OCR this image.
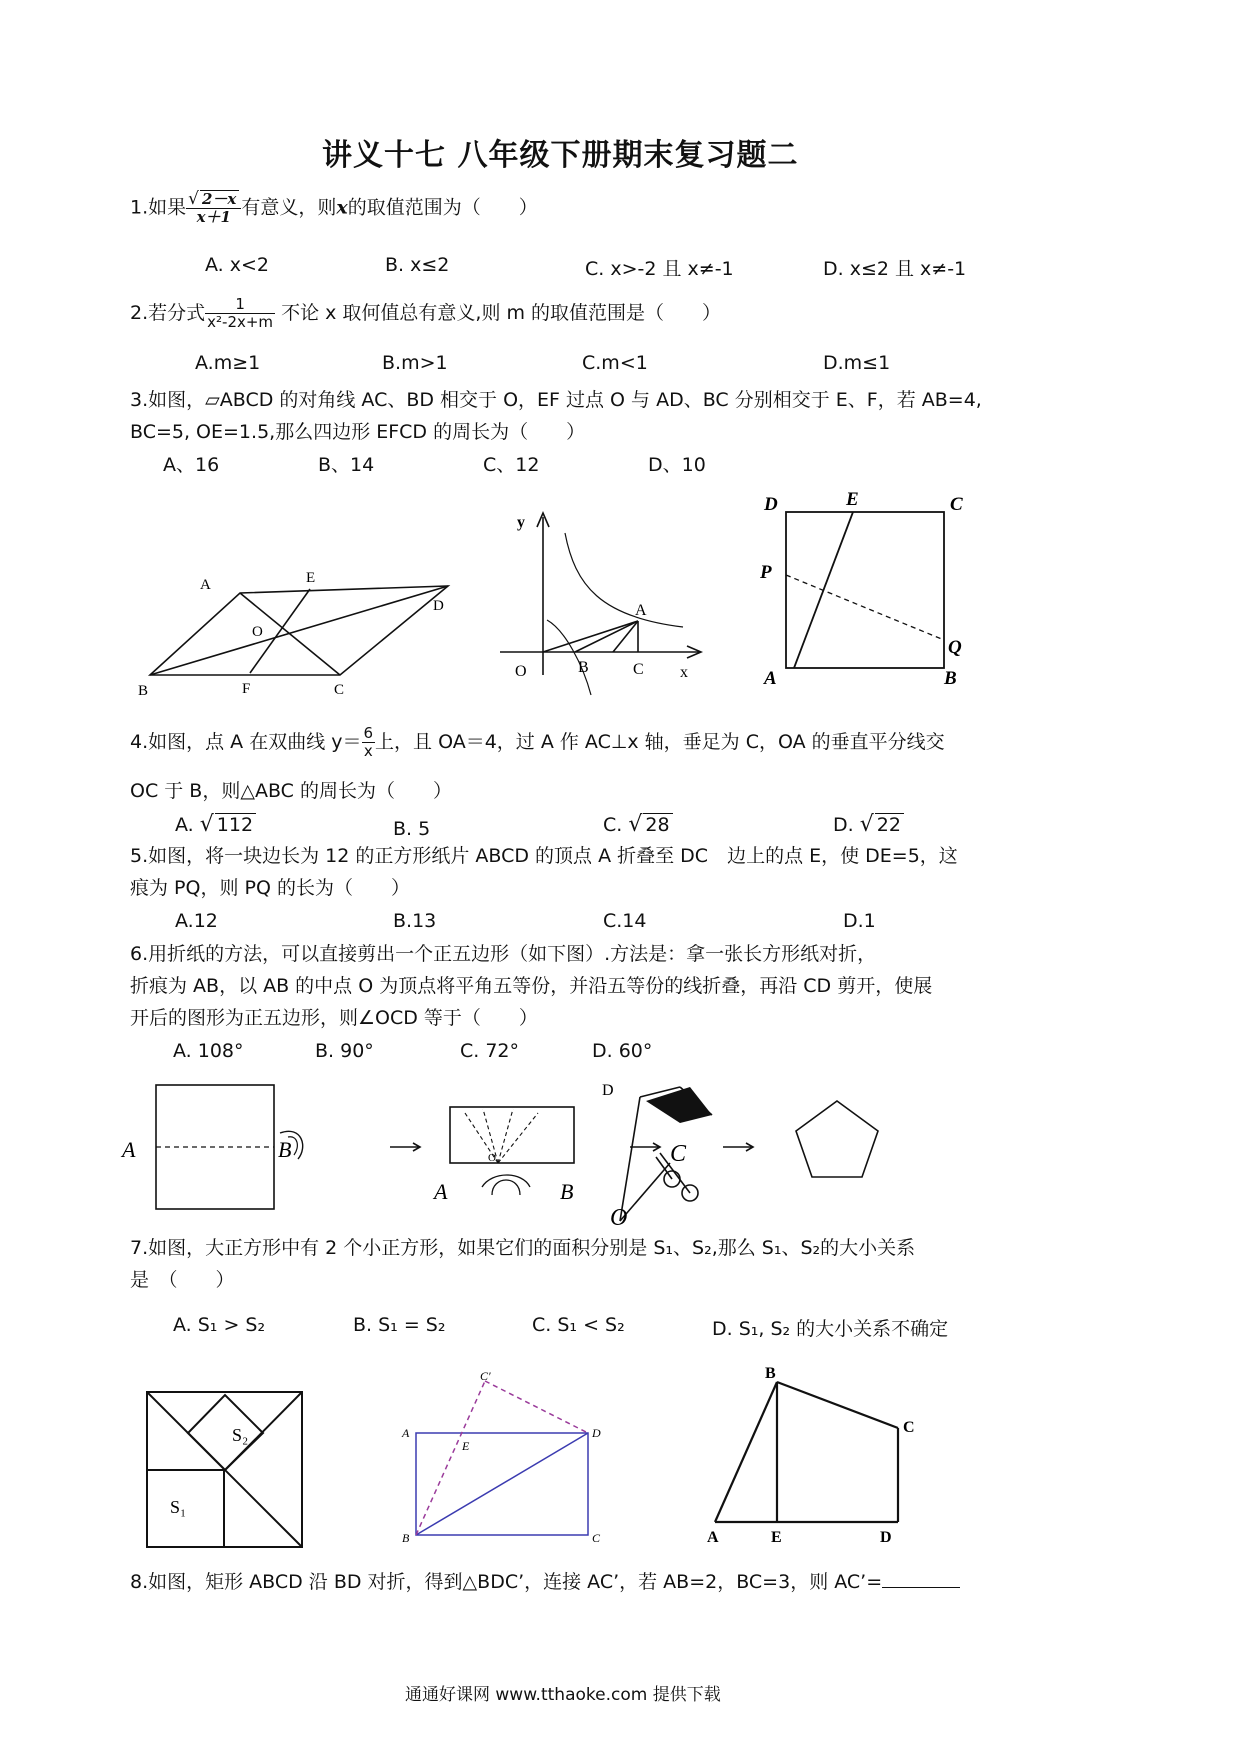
讲义十七 八年级下册期末复习题二
1.如果 $\frac{√ 2-x}{x+1}$ 有意义，则x的取值范围为（　　）
A. x<2	B. x≤2	C. x>-2 且 x≠-1	D. x≤2 且 x≠-1
2.若分式 $\frac{1}{\text{x²-2x+m}}$ 不论 x 取何值总有意义,则 m 的取值范围是（　　）
A.m≥1	B.m>1	C.m<1	D.m≤1
3.如图，▱ABCD 的对角线 AC、BD 相交于 O，EF 过点 O 与 AD、BC 分别相交于 E、F，若 AB=4,
BC=5, OE=1.5,那么四边形 EFCD 的周长为（　　）
A、16	B、14	C、12	D、10
A
B	C
D
E
F
O
y
x
O
A
B	C
D	E	C
P
Q
A	B
4.如图，点 A 在双曲线 $y= \frac{6}{x}$ 上，且 OA＝4，过 A 作 AC⊥x 轴，垂足为 C，OA 的垂直平分线交
OC 于 B，则△ABC 的周长为（　　）
A. √ 112	B. 5	C. √ 28	D. √ 22
5.如图，将一块边长为 12 的正方形纸片 ABCD 的顶点 A 折叠至 DC　边上的点 E，使 DE=5，这
痕为 PQ，则 PQ 的长为（　　）
A.12	B.13	C.14	D.1
6.用折纸的方法，可以直接剪出一个正五边形（如下图）.方法是：拿一张长方形纸对折，
折痕为 AB，以 AB 的中点 O 为顶点将平角五等份，并沿五等份的线折叠，再沿 CD 剪开，使展
开后的图形为正五边形，则∠OCD 等于（　　）
A. 108°	B. 90°	C. 72°	D. 60°
A	B
A	B
O
D
C
O
7.如图，大正方形中有 2 个小正方形，如果它们的面积分别是 S₁、S₂,那么 S₁、S₂的大小关系
是　（　　）
A. S₁ > S₂	B. S₁ = S₂	C. S₁ < S₂	D. S₁, S₂ 的大小关系不确定
S₂
S₁
C′
A	D
E
B	C
B
C
A	E	D
8.如图，矩形 ABCD 沿 BD 对折，得到△BDC’，连接 AC’，若 AB=2，BC=3，则 AC’=
通通好课网 www.tthaoke.com 提供下载
